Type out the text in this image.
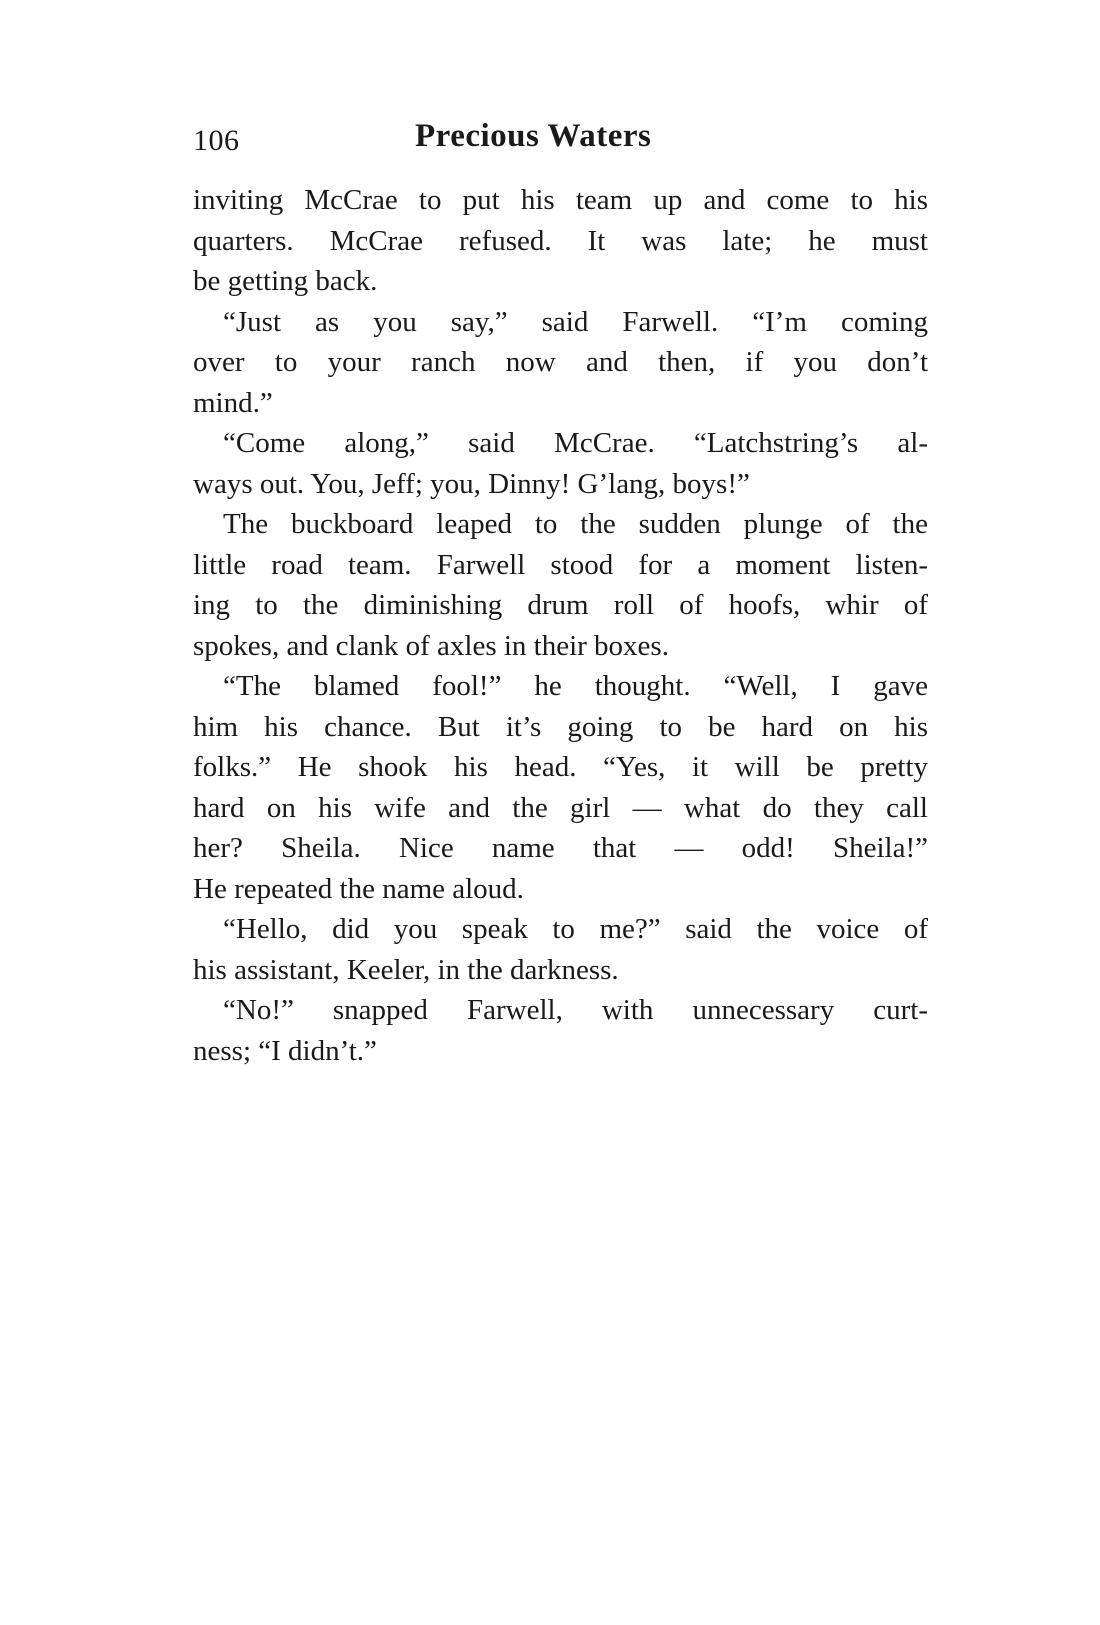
106	Precious Waters
inviting McCrae to put his team up and come to his
quarters. McCrae refused. It was late; he must
be getting back.
“Just as you say,” said Farwell. “I’m coming
over to your ranch now and then, if you don’t
mind.”
“Come along,” said McCrae. “Latchstring’s al-
ways out. You, Jeff; you, Dinny! G’lang, boys!”
The buckboard leaped to the sudden plunge of the
little road team. Farwell stood for a moment listen-
ing to the diminishing drum roll of hoofs, whir of
spokes, and clank of axles in their boxes.
“The blamed fool!” he thought. “Well, I gave
him his chance. But it’s going to be hard on his
folks.” He shook his head. “Yes, it will be pretty
hard on his wife and the girl — what do they call
her? Sheila. Nice name that — odd! Sheila!”
He repeated the name aloud.
“Hello, did you speak to me?” said the voice of
his assistant, Keeler, in the darkness.
“No!” snapped Farwell, with unnecessary curt-
ness; “I didn’t.”
